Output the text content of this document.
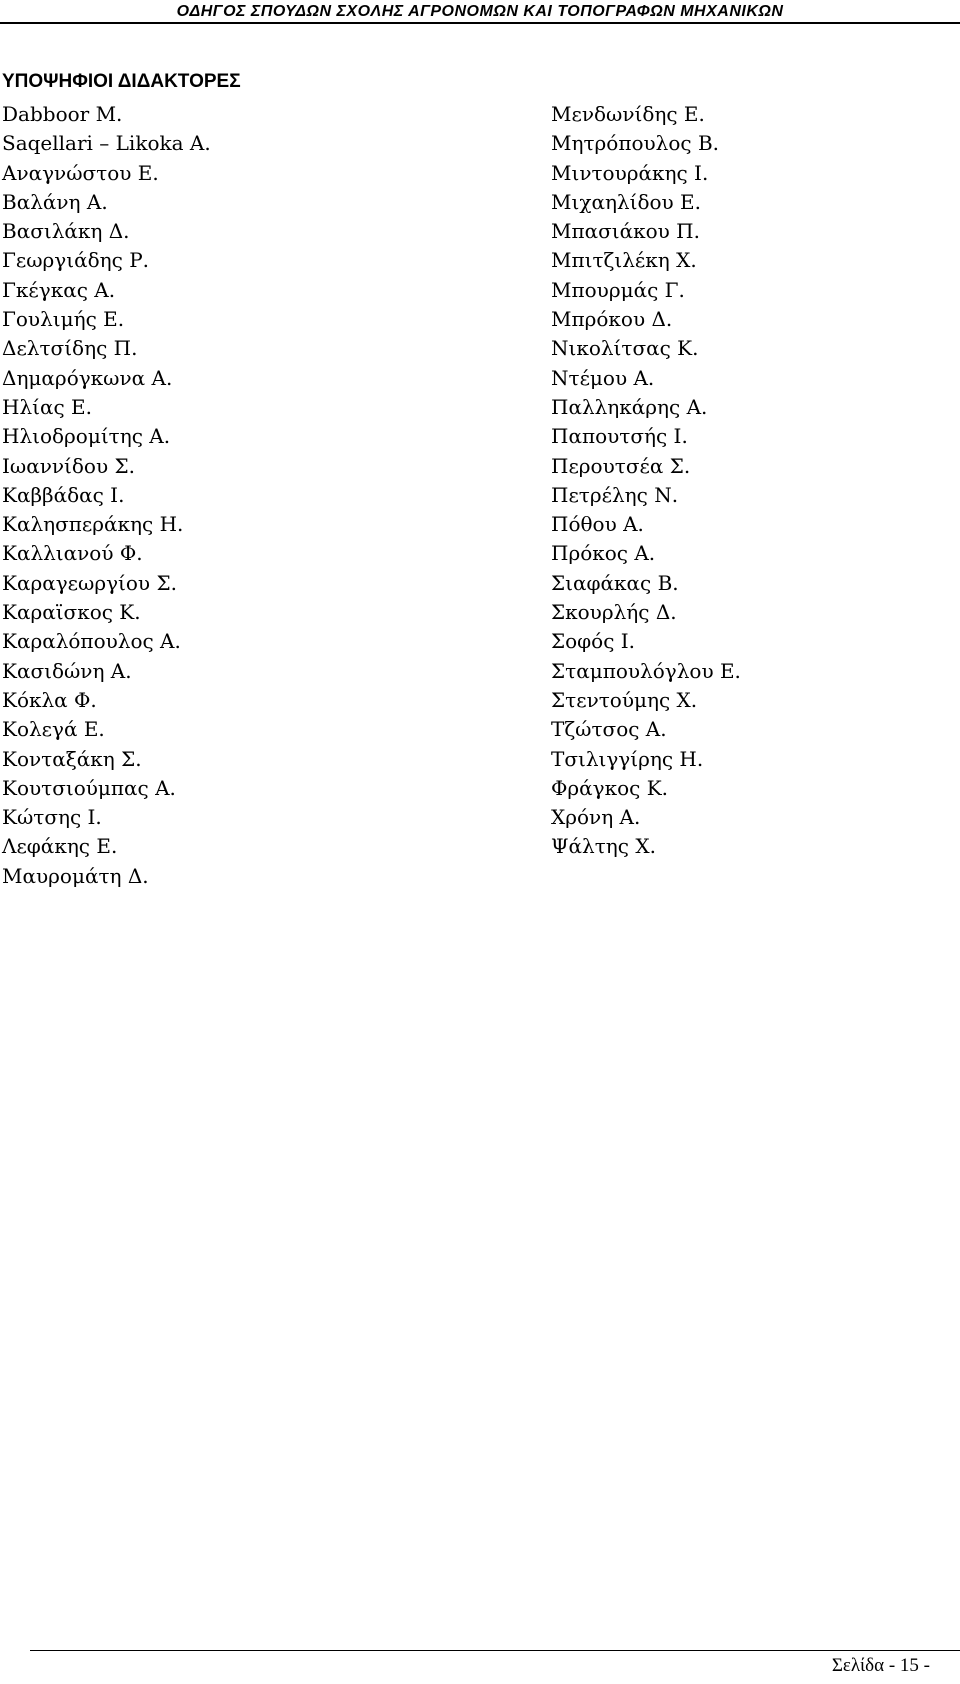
ΟΔΗΓΟΣ ΣΠΟΥΔΩΝ ΣΧΟΛΗΣ ΑΓΡΟΝΟΜΩΝ ΚΑΙ ΤΟΠΟΓΡΑΦΩΝ ΜΗΧΑΝΙΚΩΝ
ΥΠΟΨΗΦΙΟΙ ΔΙΔΑΚΤΟΡΕΣ
Dabboor M.
Saqellari – Likoka A.
Αναγνώστου Ε.
Βαλάνη Α.
Βασιλάκη Δ.
Γεωργιάδης Ρ.
Γκέγκας Α.
Γουλιμής Ε.
Δελτσίδης Π.
Δημαρόγκωνα Α.
Ηλίας Ε.
Ηλιοδρομίτης Α.
Ιωαννίδου Σ.
Καββάδας Ι.
Καλησπεράκης Η.
Καλλιανού Φ.
Καραγεωργίου Σ.
Καραϊσκος Κ.
Καραλόπουλος Α.
Κασιδώνη Α.
Κόκλα Φ.
Κολεγά Ε.
Κονταξάκη Σ.
Κουτσιούμπας Α.
Κώτσης Ι.
Λεφάκης Ε.
Μαυρομάτη Δ.
Μενδωνίδης Ε.
Μητρόπουλος Β.
Μιντουράκης Ι.
Μιχαηλίδου Ε.
Μπασιάκου Π.
Μπιτζιλέκη Χ.
Μπουρμάς Γ.
Μπρόκου Δ.
Νικολίτσας Κ.
Ντέμου Α.
Παλληκάρης Α.
Παπουτσής Ι.
Περουτσέα Σ.
Πετρέλης Ν.
Πόθου Α.
Πρόκος Α.
Σιαφάκας Β.
Σκουρλής Δ.
Σοφός Ι.
Σταμπουλόγλου Ε.
Στεντούμης Χ.
Τζώτσος Α.
Τσιλιγγίρης Η.
Φράγκος Κ.
Χρόνη Α.
Ψάλτης Χ.
Σελίδα - 15 -
